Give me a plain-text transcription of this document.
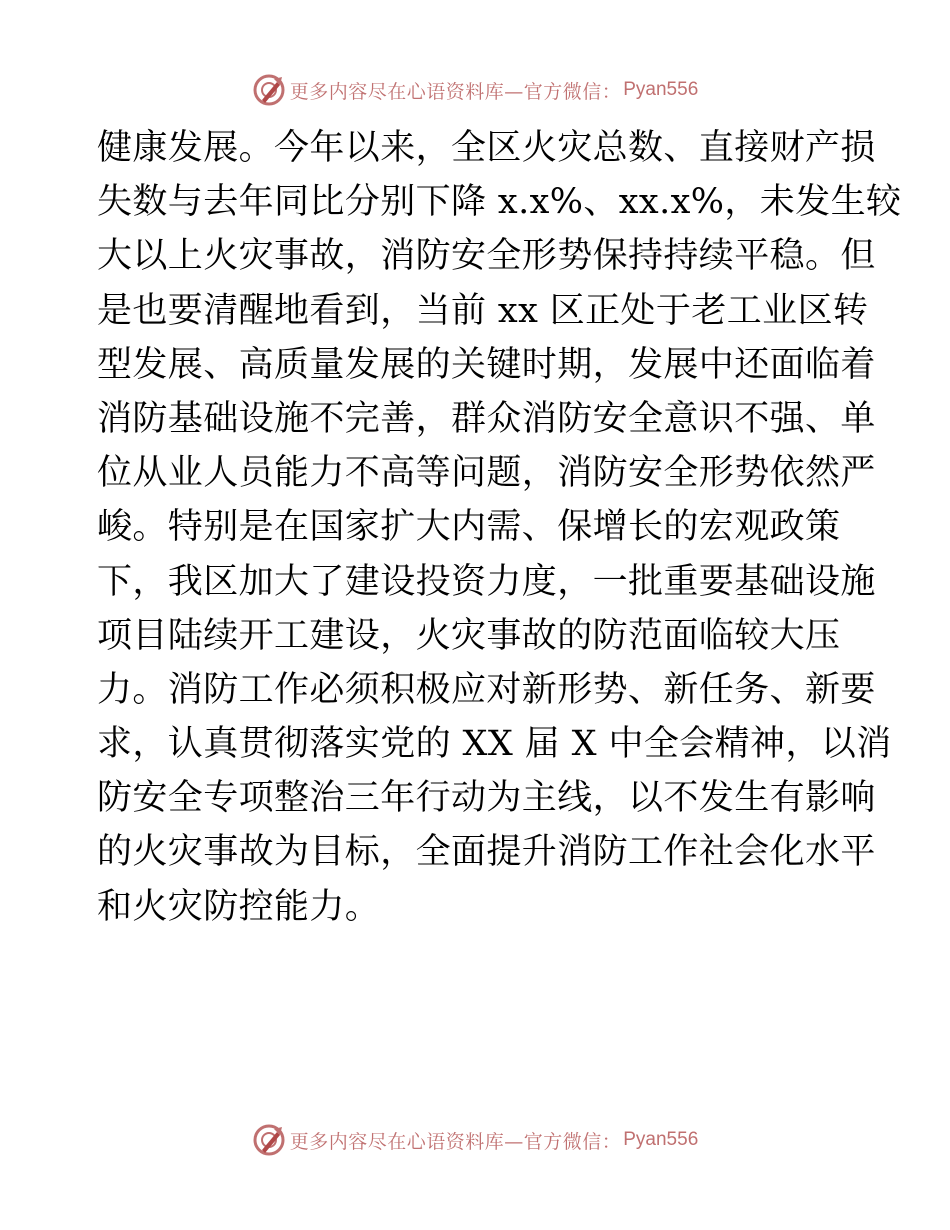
更多内容尽在心语资料库—官方微信： Pyan556
健康发展。今年以来，全区火灾总数、直接财产损
失数与去年同比分别下降 x.x%、xx.x%，未发生较
大以上火灾事故，消防安全形势保持持续平稳。但
是也要清醒地看到，当前 xx 区正处于老工业区转
型发展、高质量发展的关键时期，发展中还面临着
消防基础设施不完善，群众消防安全意识不强、单
位从业人员能力不高等问题，消防安全形势依然严
峻。特别是在国家扩大内需、保增长的宏观政策
下，我区加大了建设投资力度，一批重要基础设施
项目陆续开工建设，火灾事故的防范面临较大压
力。消防工作必须积极应对新形势、新任务、新要
求，认真贯彻落实党的 XX 届 X 中全会精神，以消
防安全专项整治三年行动为主线，以不发生有影响
的火灾事故为目标，全面提升消防工作社会化水平
和火灾防控能力。
更多内容尽在心语资料库—官方微信： Pyan556
